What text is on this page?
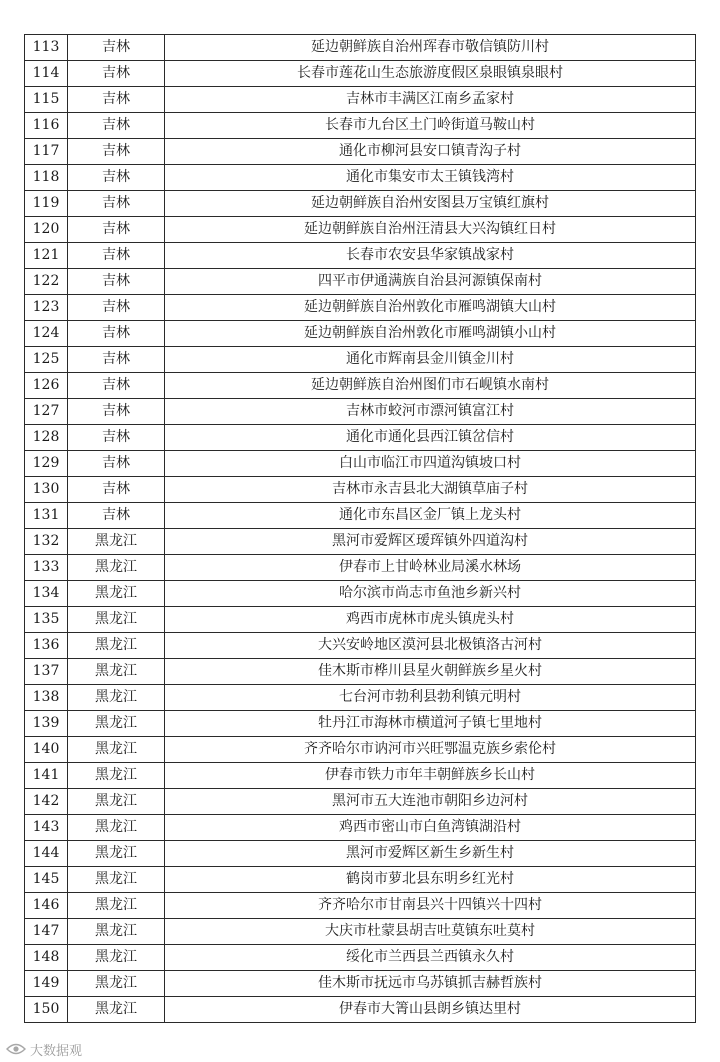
113	吉林	延边朝鲜族自治州珲春市敬信镇防川村
114	吉林	长春市莲花山生态旅游度假区泉眼镇泉眼村
115	吉林	吉林市丰满区江南乡孟家村
116	吉林	长春市九台区土门岭街道马鞍山村
117	吉林	通化市柳河县安口镇青沟子村
118	吉林	通化市集安市太王镇钱湾村
119	吉林	延边朝鲜族自治州安图县万宝镇红旗村
120	吉林	延边朝鲜族自治州汪清县大兴沟镇红日村
121	吉林	长春市农安县华家镇战家村
122	吉林	四平市伊通满族自治县河源镇保南村
123	吉林	延边朝鲜族自治州敦化市雁鸣湖镇大山村
124	吉林	延边朝鲜族自治州敦化市雁鸣湖镇小山村
125	吉林	通化市辉南县金川镇金川村
126	吉林	延边朝鲜族自治州图们市石岘镇水南村
127	吉林	吉林市蛟河市漂河镇富江村
128	吉林	通化市通化县西江镇岔信村
129	吉林	白山市临江市四道沟镇坡口村
130	吉林	吉林市永吉县北大湖镇草庙子村
131	吉林	通化市东昌区金厂镇上龙头村
132	黑龙江	黑河市爱辉区瑷珲镇外四道沟村
133	黑龙江	伊春市上甘岭林业局溪水林场
134	黑龙江	哈尔滨市尚志市鱼池乡新兴村
135	黑龙江	鸡西市虎林市虎头镇虎头村
136	黑龙江	大兴安岭地区漠河县北极镇洛古河村
137	黑龙江	佳木斯市桦川县星火朝鲜族乡星火村
138	黑龙江	七台河市勃利县勃利镇元明村
139	黑龙江	牡丹江市海林市横道河子镇七里地村
140	黑龙江	齐齐哈尔市讷河市兴旺鄂温克族乡索伦村
141	黑龙江	伊春市铁力市年丰朝鲜族乡长山村
142	黑龙江	黑河市五大连池市朝阳乡边河村
143	黑龙江	鸡西市密山市白鱼湾镇湖沿村
144	黑龙江	黑河市爱辉区新生乡新生村
145	黑龙江	鹤岗市萝北县东明乡红光村
146	黑龙江	齐齐哈尔市甘南县兴十四镇兴十四村
147	黑龙江	大庆市杜蒙县胡吉吐莫镇东吐莫村
148	黑龙江	绥化市兰西县兰西镇永久村
149	黑龙江	佳木斯市抚远市乌苏镇抓吉赫哲族村
150	黑龙江	伊春市大箐山县朗乡镇达里村
大数据观
